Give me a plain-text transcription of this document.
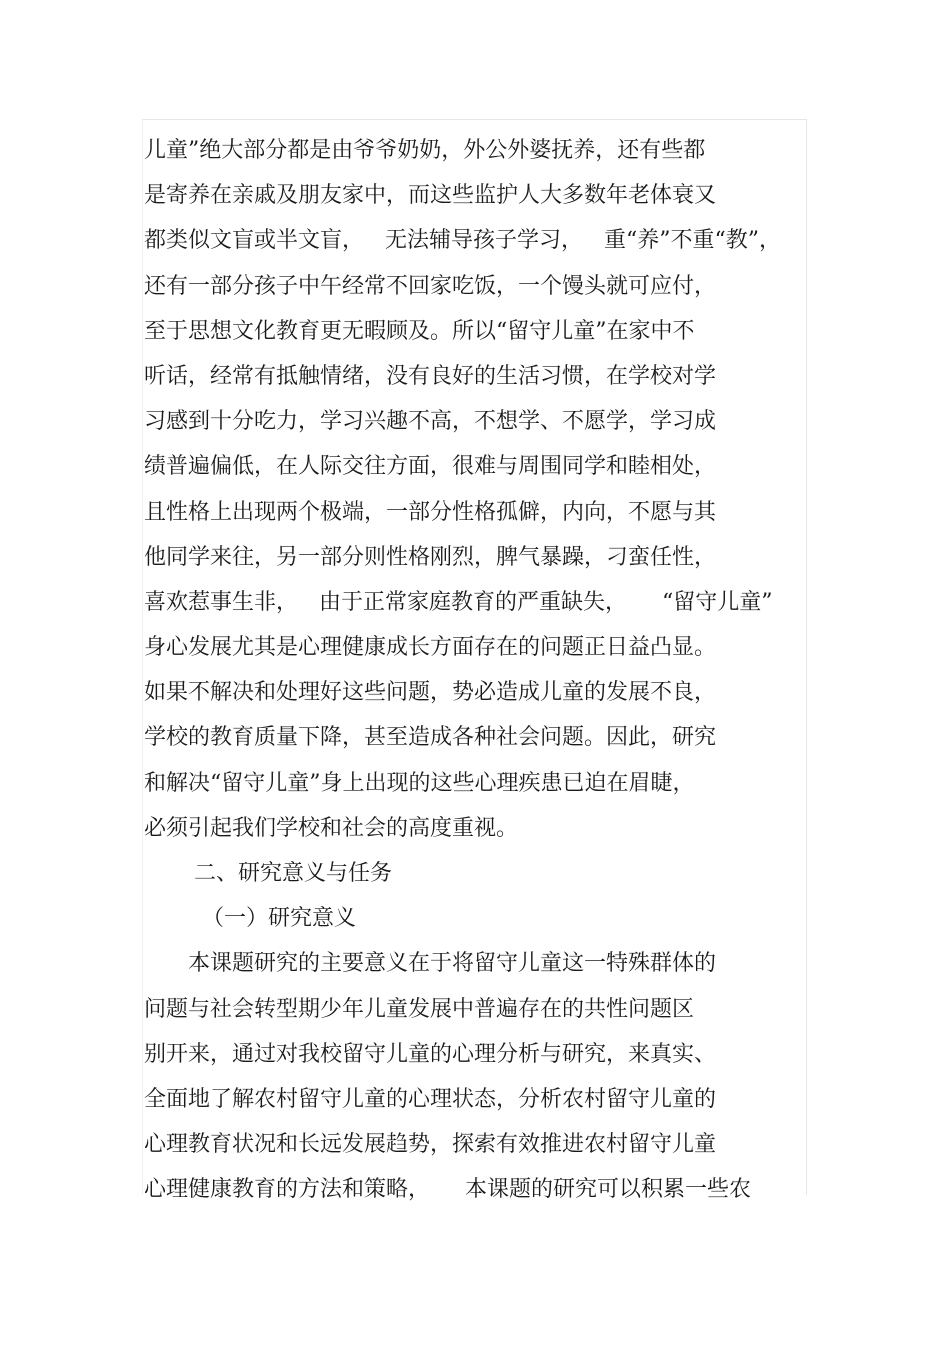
儿童”绝大部分都是由爷爷奶奶，外公外婆抚养，还有些都
是寄养在亲戚及朋友家中，而这些监护人大多数年老体衰又
都类似文盲或半文盲，   无法辅导孩子学习，   重“养”不重“教”，
还有一部分孩子中午经常不回家吃饭，一个馒头就可应付，
至于思想文化教育更无暇顾及。所以“留守儿童”在家中不
听话，经常有抵触情绪，没有良好的生活习惯，在学校对学
习感到十分吃力，学习兴趣不高，不想学、不愿学，学习成
绩普遍偏低，在人际交往方面，很难与周围同学和睦相处，
且性格上出现两个极端，一部分性格孤僻，内向，不愿与其
他同学来往，另一部分则性格刚烈，脾气暴躁，刁蛮任性，
喜欢惹事生非，   由于正常家庭教育的严重缺失，     “留守儿童”
身心发展尤其是心理健康成长方面存在的问题正日益凸显。
如果不解决和处理好这些问题，势必造成儿童的发展不良，
学校的教育质量下降，甚至造成各种社会问题。因此，研究
和解决“留守儿童”身上出现的这些心理疾患已迫在眉睫，
必须引起我们学校和社会的高度重视。
二、研究意义与任务
（一）研究意义
本课题研究的主要意义在于将留守儿童这一特殊群体的
问题与社会转型期少年儿童发展中普遍存在的共性问题区
别开来，通过对我校留守儿童的心理分析与研究，来真实、
全面地了解农村留守儿童的心理状态，分析农村留守儿童的
心理教育状况和长远发展趋势，探索有效推进农村留守儿童
心理健康教育的方法和策略，     本课题的研究可以积累一些农
